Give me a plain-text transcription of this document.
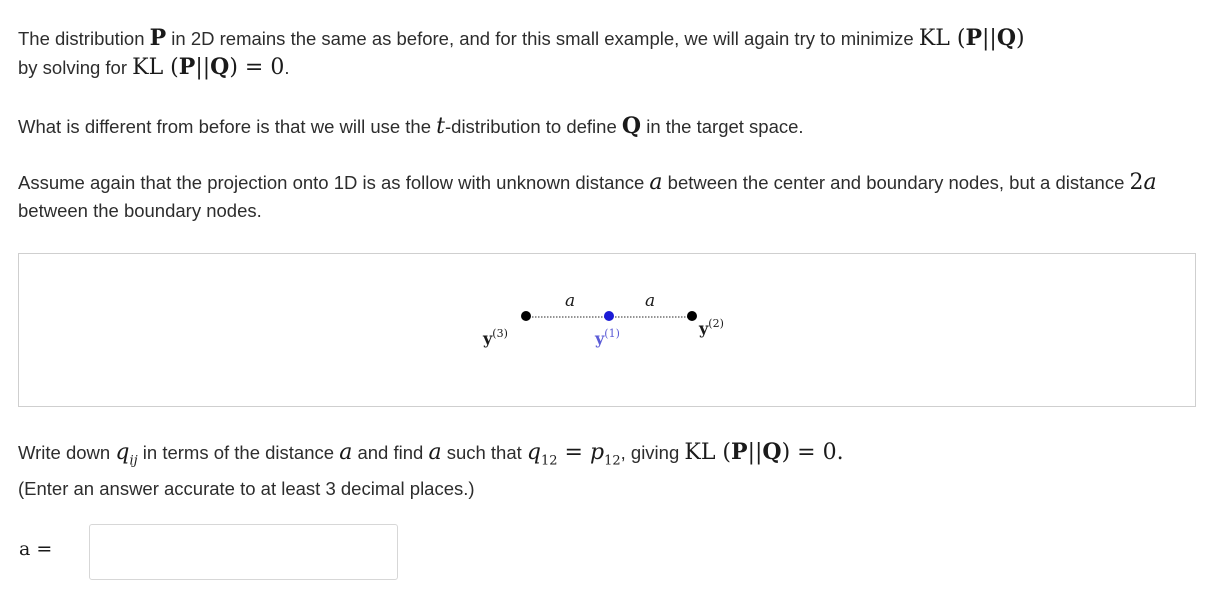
The distribution P in 2D remains the same as before, and for this small example, we will again try to minimize KL (P||Q)
by solving for KL (P||Q) = 0.

What is different from before is that we will use the t-distribution to define Q in the target space.

Assume again that the projection onto 1D is as follow with unknown distance a between the center and boundary nodes, but a distance 2a between the boundary nodes.

a	a
$y^{(3)}$	$y^{(1)}$	$y^{(2)}$

Write down $q_{ij}$ in terms of the distance a and find a such that $q_{12} = p_{12}$, giving KL (P||Q) = 0.
(Enter an answer accurate to at least 3 decimal places.)

a =
